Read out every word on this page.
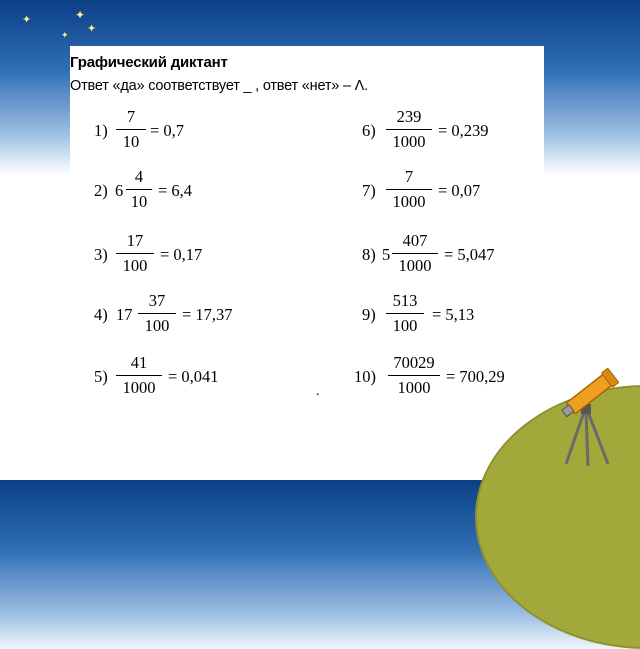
✦	✦
✦
✦
Графический диктант
Ответ «да» соответствует _ , ответ «нет» – Λ.
1)
7
10
= 0,7
2) 6
4
10
= 6,4
3)
17
100
= 0,17
4) 17
37
100
= 17,37
5)
41
1000
= 0,041
6)
239
1000
= 0,239
7)
7
1000
= 0,07
8) 5
407
1000
= 5,047
9)
513
100
= 5,13
10)
70029
1000
= 700,29
.
